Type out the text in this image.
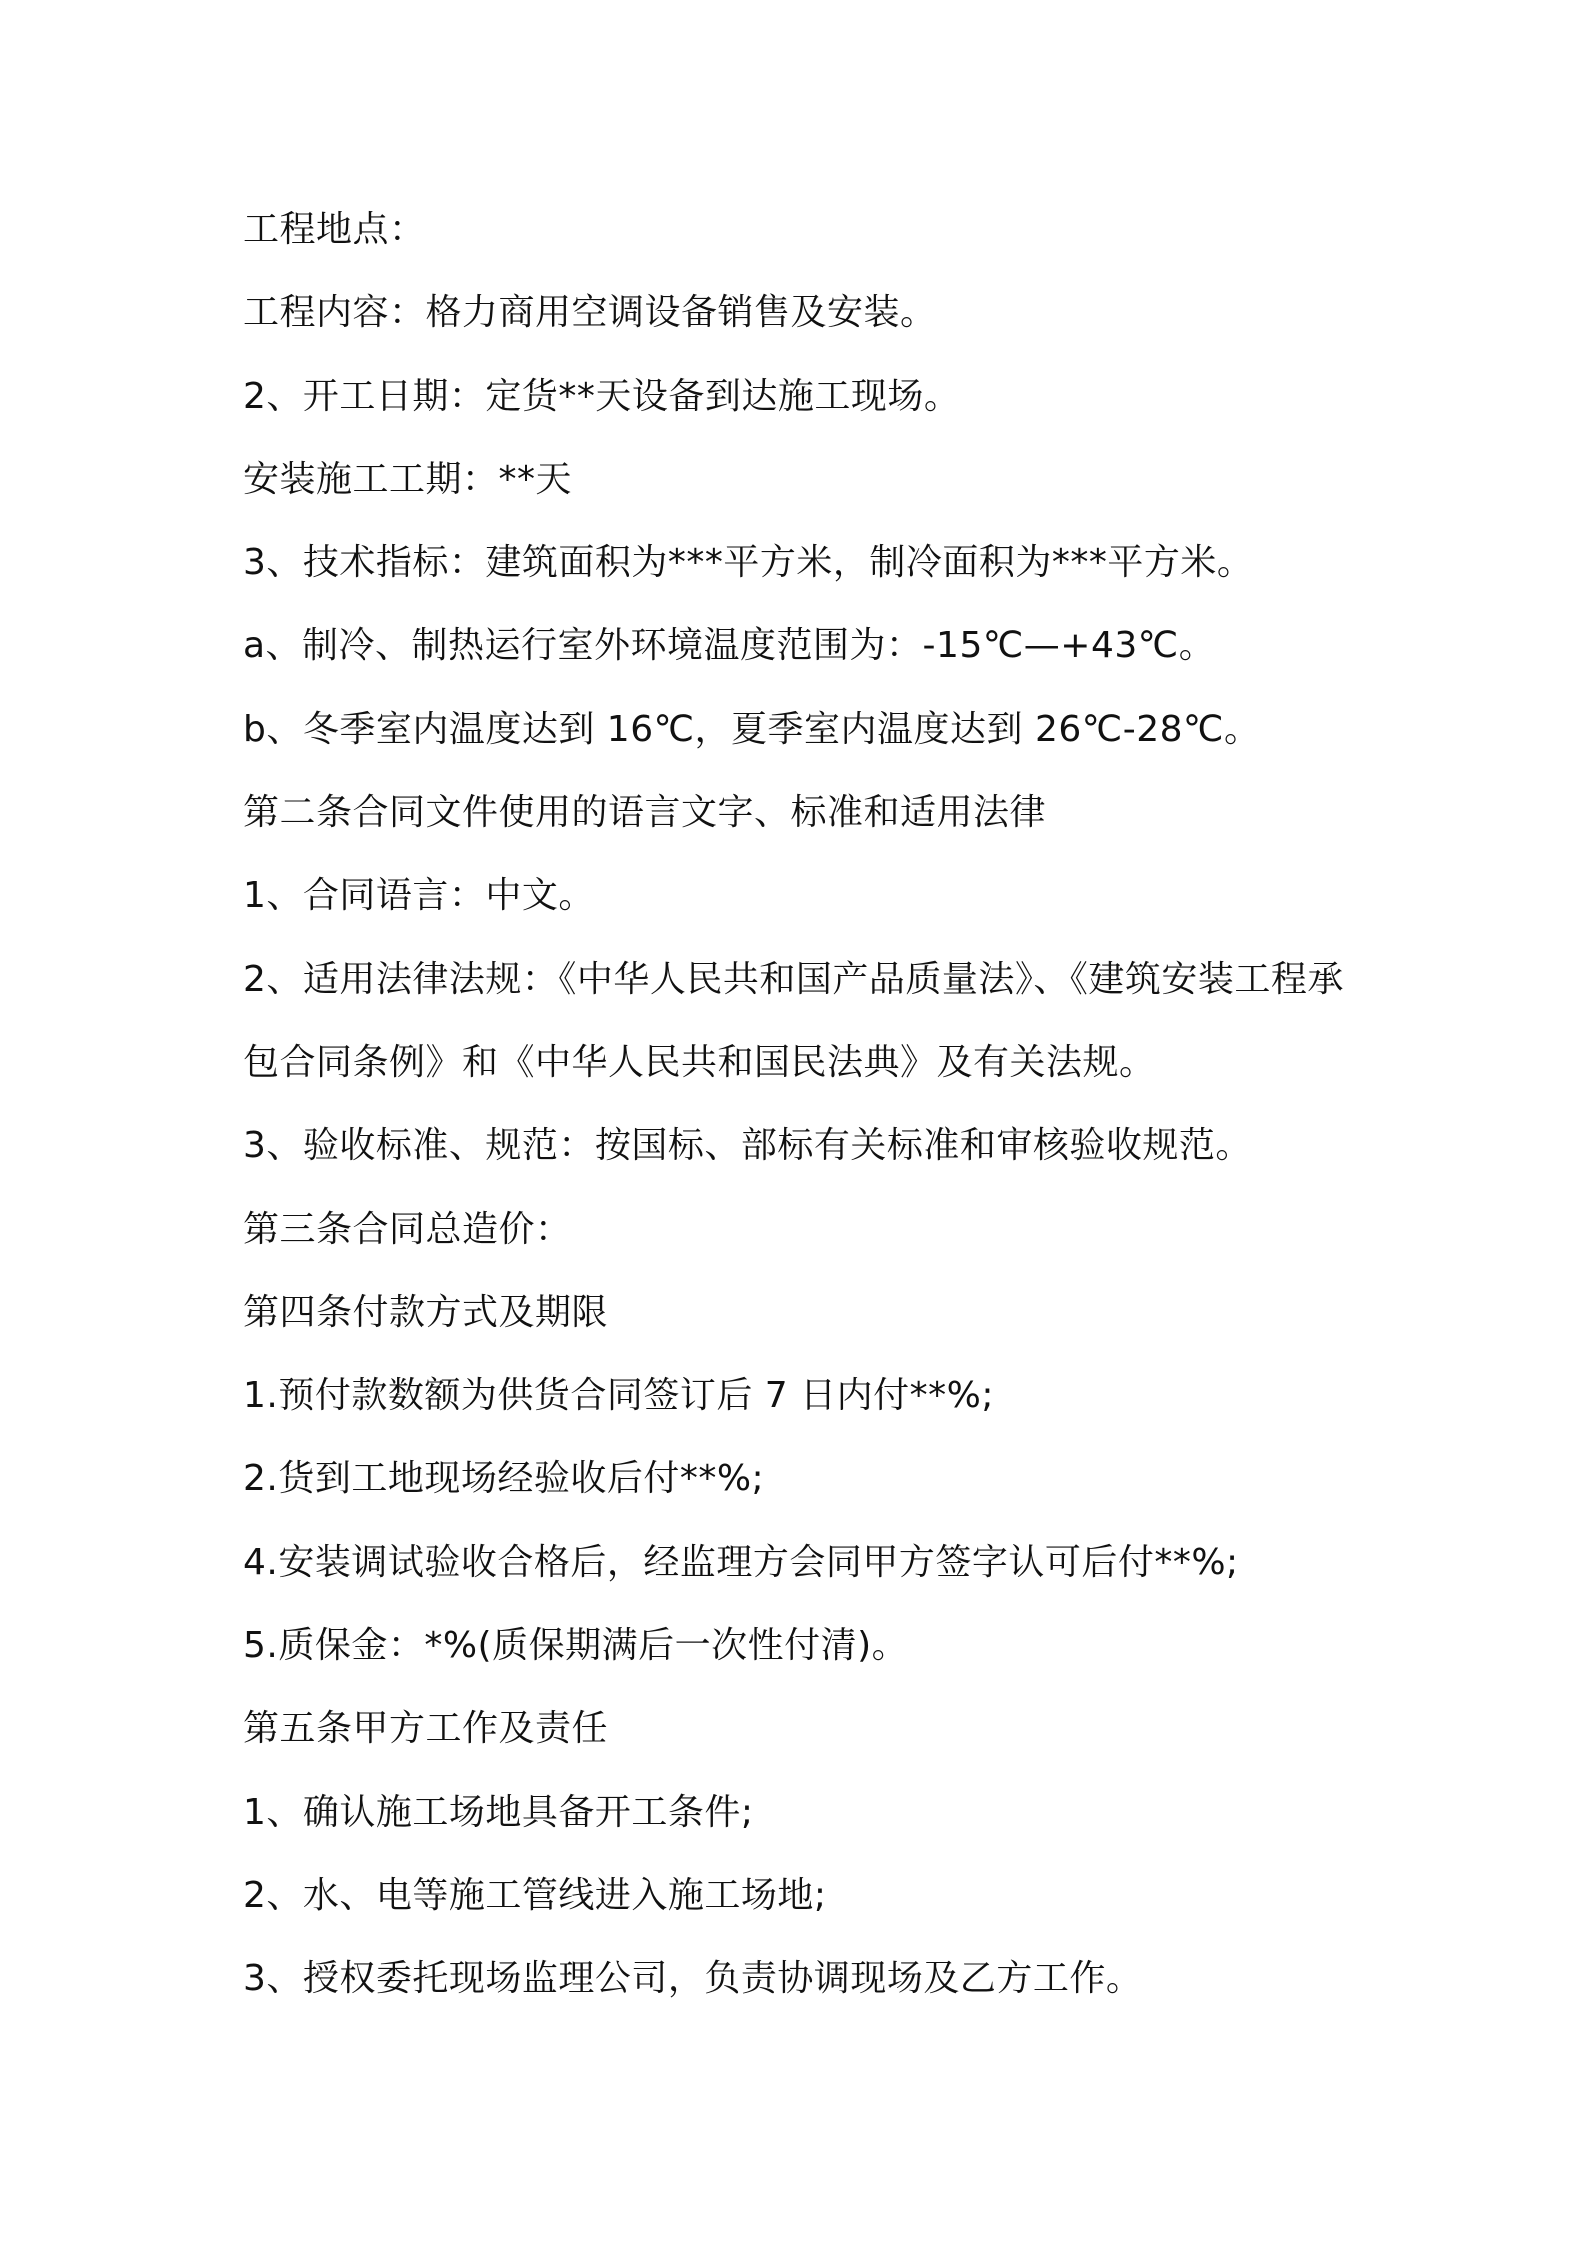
工程地点：
工程内容：格力商用空调设备销售及安装。
2、开工日期：定货**天设备到达施工现场。
安装施工工期：**天
3、技术指标：建筑面积为***平方米，制冷面积为***平方米。
a、制冷、制热运行室外环境温度范围为：-15℃—+43℃。
b、冬季室内温度达到 16℃，夏季室内温度达到 26℃-28℃。
第二条合同文件使用的语言文字、标准和适用法律
1、合同语言：中文。
2、适用法律法规：《中华人民共和国产品质量法》、《建筑安装工程承
包合同条例》和《中华人民共和国民法典》及有关法规。
3、验收标准、规范：按国标、部标有关标准和审核验收规范。
第三条合同总造价：
第四条付款方式及期限
1.预付款数额为供货合同签订后 7 日内付**%;
2.货到工地现场经验收后付**%;
4.安装调试验收合格后，经监理方会同甲方签字认可后付**%;
5.质保金：*%(质保期满后一次性付清)。
第五条甲方工作及责任
1、确认施工场地具备开工条件;
2、水、电等施工管线进入施工场地;
3、授权委托现场监理公司，负责协调现场及乙方工作。
